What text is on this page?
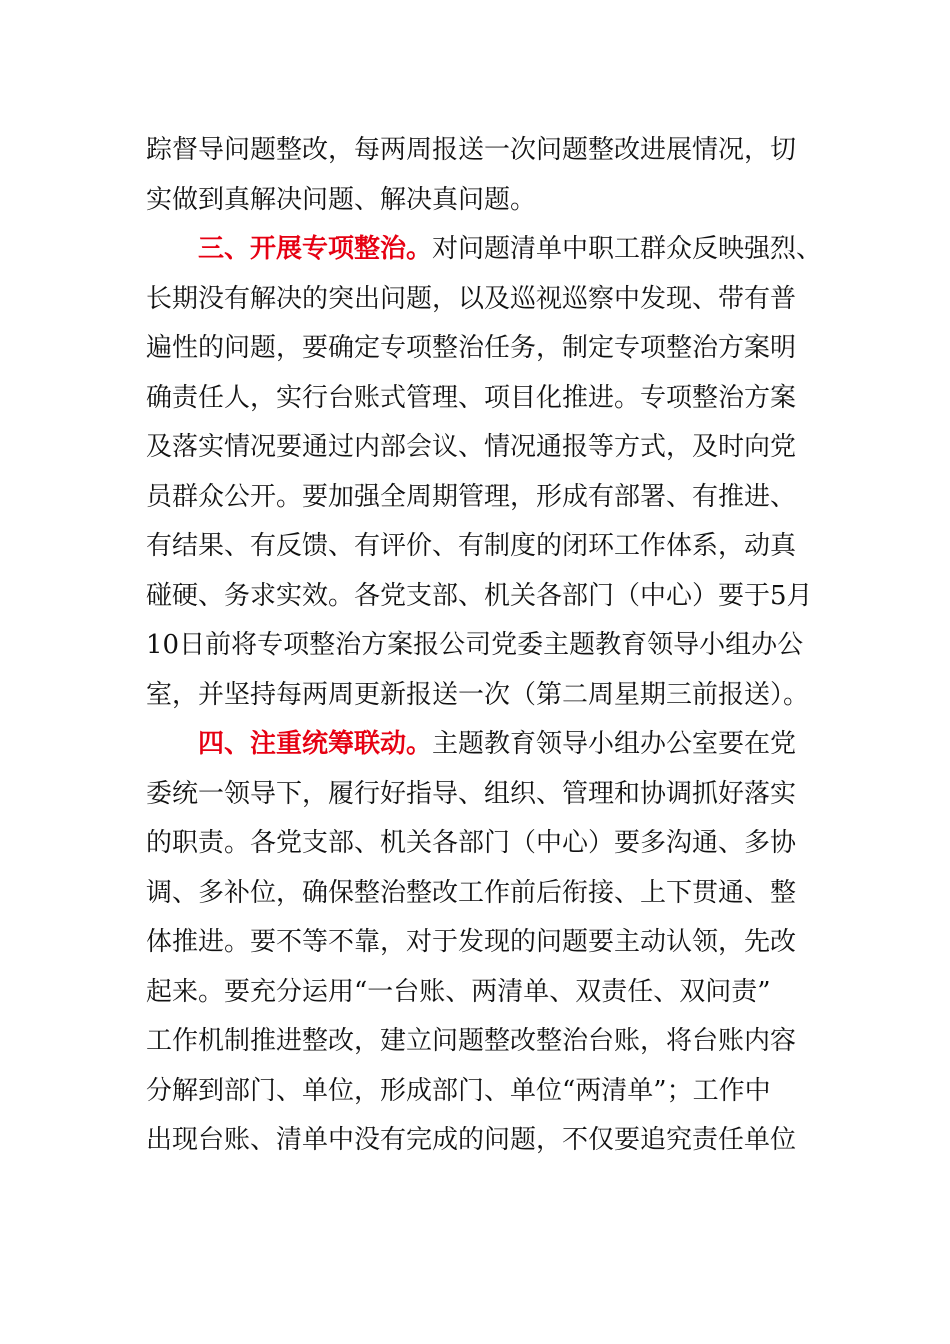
踪督导问题整改，每两周报送一次问题整改进展情况，切
实做到真解决问题、解决真问题。
三、开展专项整治。对问题清单中职工群众反映强烈、
长期没有解决的突出问题，以及巡视巡察中发现、带有普
遍性的问题，要确定专项整治任务，制定专项整治方案明
确责任人，实行台账式管理、项目化推进。专项整治方案
及落实情况要通过内部会议、情况通报等方式，及时向党
员群众公开。要加强全周期管理，形成有部署、有推进、
有结果、有反馈、有评价、有制度的闭环工作体系，动真
碰硬、务求实效。各党支部、机关各部门（中心）要于5月
10日前将专项整治方案报公司党委主题教育领导小组办公
室，并坚持每两周更新报送一次（第二周星期三前报送）。
四、注重统筹联动。主题教育领导小组办公室要在党
委统一领导下，履行好指导、组织、管理和协调抓好落实
的职责。各党支部、机关各部门（中心）要多沟通、多协
调、多补位，确保整治整改工作前后衔接、上下贯通、整
体推进。要不等不靠，对于发现的问题要主动认领，先改
起来。要充分运用“一台账、两清单、双责任、双问责”
工作机制推进整改，建立问题整改整治台账，将台账内容
分解到部门、单位，形成部门、单位“两清单”；工作中
出现台账、清单中没有完成的问题，不仅要追究责任单位
